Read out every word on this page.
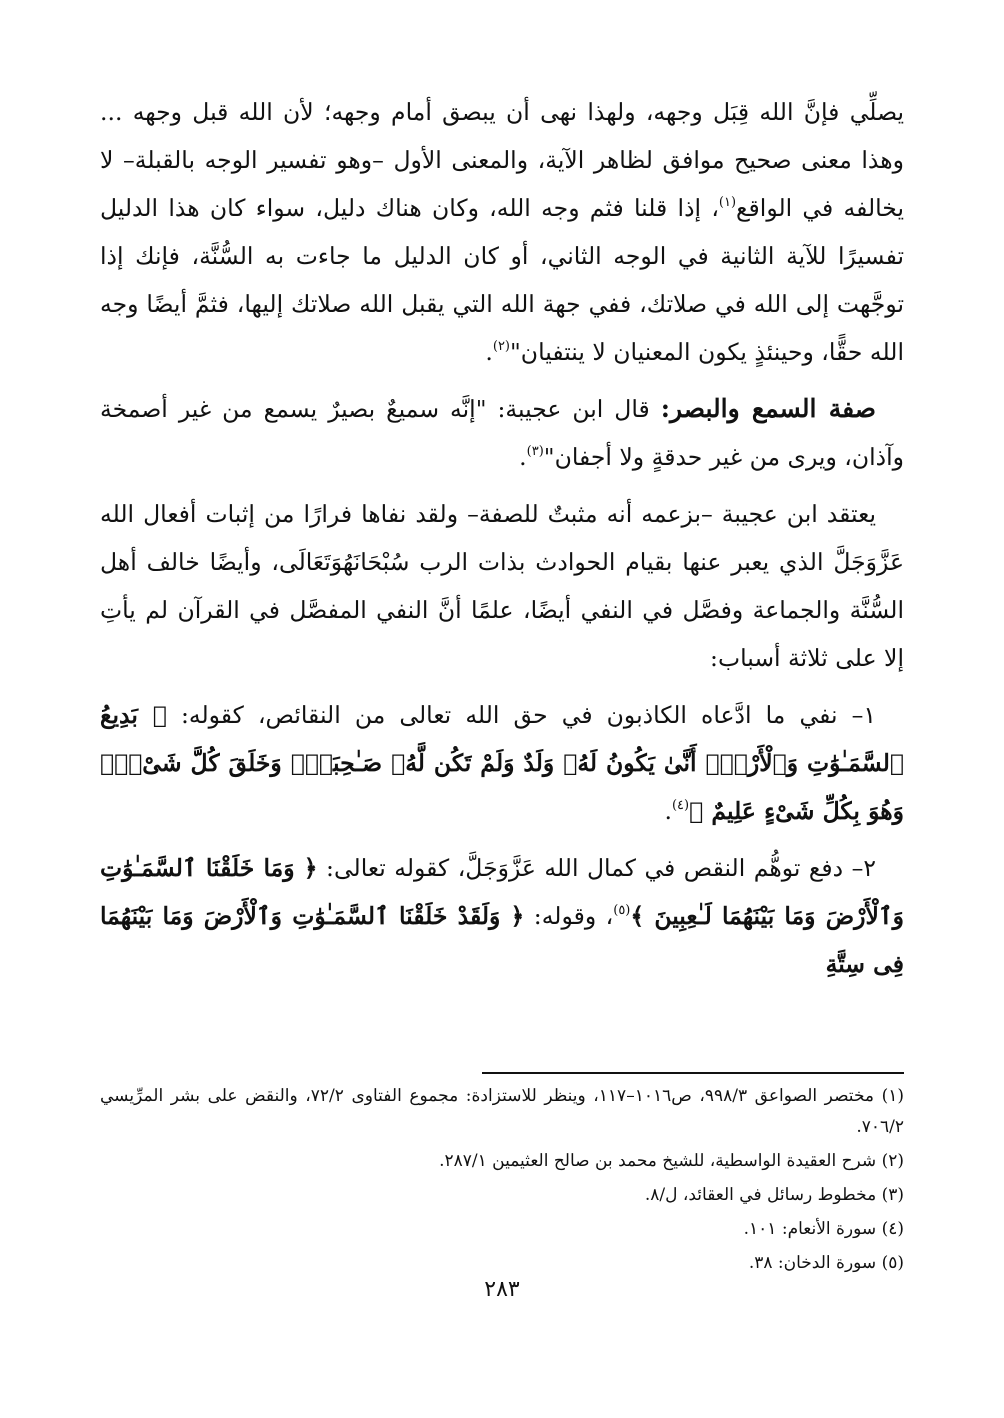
يصلِّي فإنَّ الله قِبَل وجهه، ولهذا نهى أن يبصق أمام وجهه؛ لأن الله قبل وجهه ... وهذا معنى صحيح موافق لظاهر الآية، والمعنى الأول –وهو تفسير الوجه بالقبلة– لا يخالفه في الواقع$^{(١)}$، إذا قلنا فثم وجه الله، وكان هناك دليل، سواء كان هذا الدليل تفسيرًا للآية الثانية في الوجه الثاني، أو كان الدليل ما جاءت به السُّنَّة، فإنك إذا توجَّهت إلى الله في صلاتك، ففي جهة الله التي يقبل الله صلاتك إليها، فثمَّ أيضًا وجه الله حقًّا، وحينئذٍ يكون المعنيان لا ينتفيان"$^{(٢)}$.

صفة السمع والبصر: قال ابن عجيبة: "إنَّه سميعٌ بصيرٌ يسمع من غير أصمخة وآذان، ويرى من غير حدقةٍ ولا أجفان"$^{(٣)}$.

يعتقد ابن عجيبة –بزعمه أنه مثبتٌ للصفة– ولقد نفاها فرارًا من إثبات أفعال الله عَزَّوَجَلَّ الذي يعبر عنها بقيام الحوادث بذات الرب سُبْحَانَهُوَتَعَالَى، وأيضًا خالف أهل السُّنَّة والجماعة وفصَّل في النفي أيضًا، علمًا أنَّ النفي المفصَّل في القرآن لم يأتِ إلا على ثلاثة أسباب:

١– نفي ما ادَّعاه الكاذبون في حق الله تعالى من النقائص، كقوله: ﴿ بَدِيعُ ٱلسَّمَـٰوَٰتِ وَٱلْأَرْضِۖ أَنَّىٰ يَكُونُ لَهُۥ وَلَدٌ وَلَمْ تَكُن لَّهُۥ صَـٰحِبَةٌۖ وَخَلَقَ كُلَّ شَىْءٍۖ وَهُوَ بِكُلِّ شَىْءٍ عَلِيمٌ ﴾$^{(٤)}$.

٢– دفع توهُّم النقص في كمال الله عَزَّوَجَلَّ، كقوله تعالى: ﴿ وَمَا خَلَقْنَا ٱلسَّمَـٰوَٰتِ وَٱلْأَرْضَ وَمَا بَيْنَهُمَا لَـٰعِبِينَ ﴾$^{(٥)}$، وقوله: ﴿ وَلَقَدْ خَلَقْنَا ٱلسَّمَـٰوَٰتِ وَٱلْأَرْضَ وَمَا بَيْنَهُمَا فِى سِتَّةِ

(١) مختصر الصواعق ٩٩٨/٣، ص١٠١٦–١١٧، وينظر للاستزادة: مجموع الفتاوى ٧٢/٢، والنقض على بشر المرِّيسي ٧٠٦/٢.

(٢) شرح العقيدة الواسطية، للشيخ محمد بن صالح العثيمين ٢٨٧/١.

(٣) مخطوط رسائل في العقائد، ل/٨.

(٤) سورة الأنعام: ١٠١.

(٥) سورة الدخان: ٣٨.

٢٨٣
